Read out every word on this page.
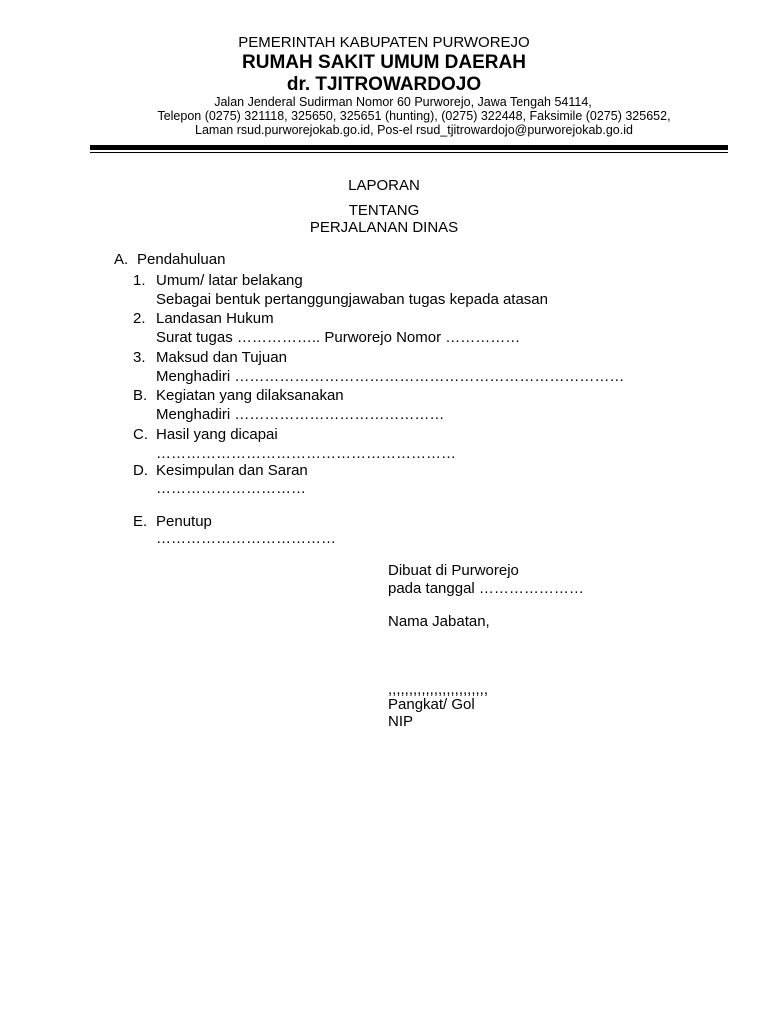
PEMERINTAH KABUPATEN PURWOREJO
RUMAH SAKIT UMUM DAERAH
dr. TJITROWARDOJO
Jalan Jenderal Sudirman Nomor 60 Purworejo, Jawa Tengah 54114,
Telepon (0275) 321118, 325650, 325651 (hunting), (0275) 322448, Faksimile (0275) 325652,
Laman rsud.purworejokab.go.id, Pos-el rsud_tjitrowardojo@purworejokab.go.id
LAPORAN
TENTANG
PERJALANAN DINAS
A. Pendahuluan
1. Umum/ latar belakang
Sebagai bentuk pertanggungjawaban tugas kepada atasan
2. Landasan Hukum
Surat tugas …………….. Purworejo Nomor ……………
3. Maksud dan Tujuan
Menghadiri ……………………………………………………………………
B. Kegiatan yang dilaksanakan
Menghadiri ……………………………………
C. Hasil yang dicapai
……………………………………………………
D. Kesimpulan dan Saran
…………………………
E. Penutup
………………………………
Dibuat di Purworejo
pada tanggal …………………
Nama Jabatan,
,,,,,,,,,,,,,,,,,,,,,,,,
Pangkat/ Gol
NIP
